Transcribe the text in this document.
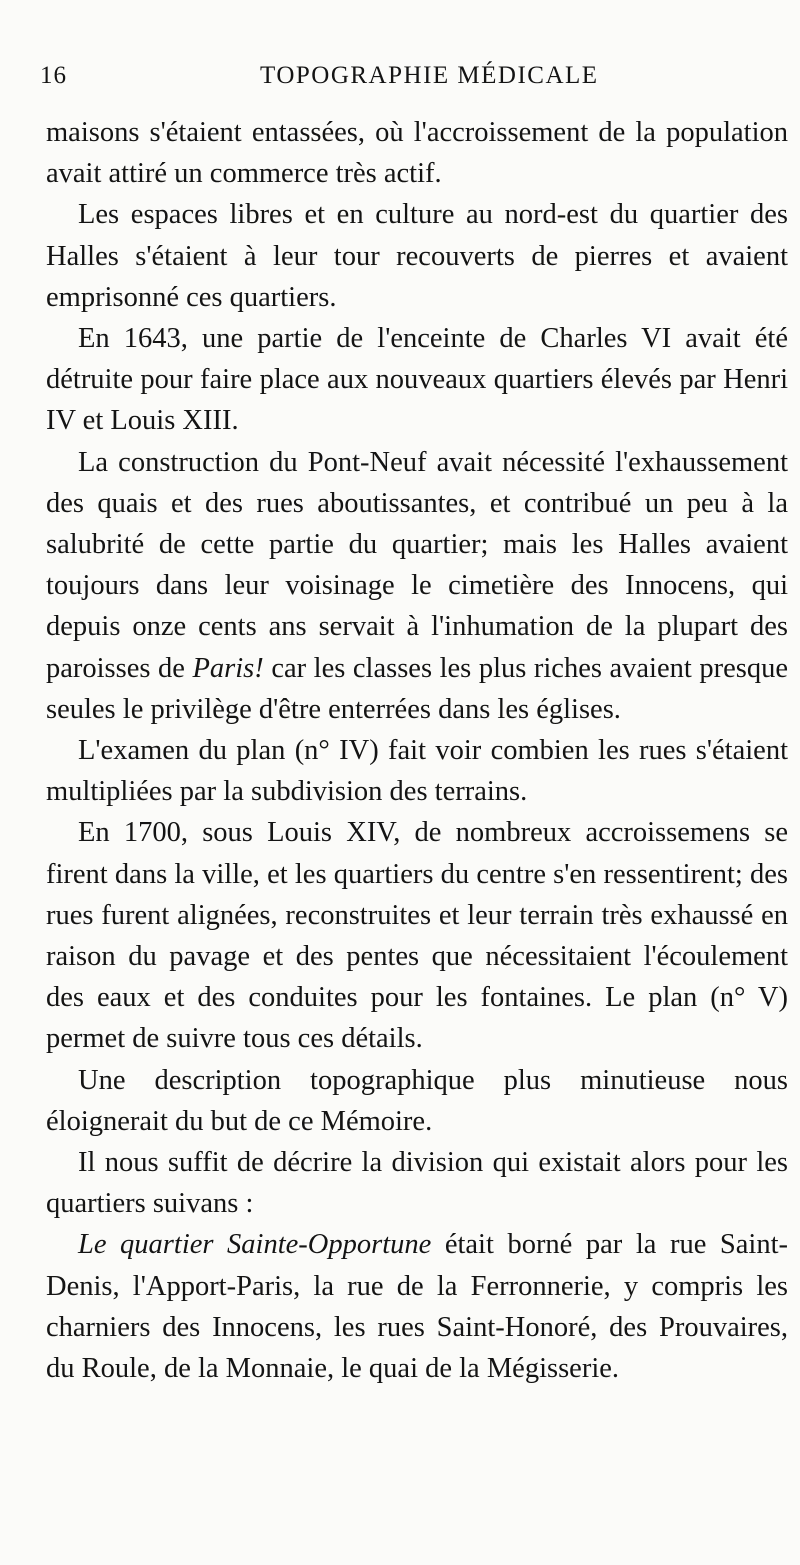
16	TOPOGRAPHIE MÉDICALE

maisons s'étaient entassées, où l'accroissement de la population avait attiré un commerce très actif.

Les espaces libres et en culture au nord-est du quartier des Halles s'étaient à leur tour recouverts de pierres et avaient emprisonné ces quartiers.

En 1643, une partie de l'enceinte de Charles VI avait été détruite pour faire place aux nouveaux quartiers élevés par Henri IV et Louis XIII.

La construction du Pont-Neuf avait nécessité l'exhaussement des quais et des rues aboutissantes, et contribué un peu à la salubrité de cette partie du quartier; mais les Halles avaient toujours dans leur voisinage le cimetière des Innocens, qui depuis onze cents ans servait à l'inhumation de la plupart des paroisses de Paris! car les classes les plus riches avaient presque seules le privilège d'être enterrées dans les églises.

L'examen du plan (n° IV) fait voir combien les rues s'étaient multipliées par la subdivision des terrains.

En 1700, sous Louis XIV, de nombreux accroissemens se firent dans la ville, et les quartiers du centre s'en ressentirent; des rues furent alignées, reconstruites et leur terrain très exhaussé en raison du pavage et des pentes que nécessitaient l'écoulement des eaux et des conduites pour les fontaines. Le plan (n° V) permet de suivre tous ces détails.

Une description topographique plus minutieuse nous éloignerait du but de ce Mémoire.

Il nous suffit de décrire la division qui existait alors pour les quartiers suivans :

Le quartier Sainte-Opportune était borné par la rue Saint-Denis, l'Apport-Paris, la rue de la Ferronnerie, y compris les charniers des Innocens, les rues Saint-Honoré, des Prouvaires, du Roule, de la Monnaie, le quai de la Mégisserie.
